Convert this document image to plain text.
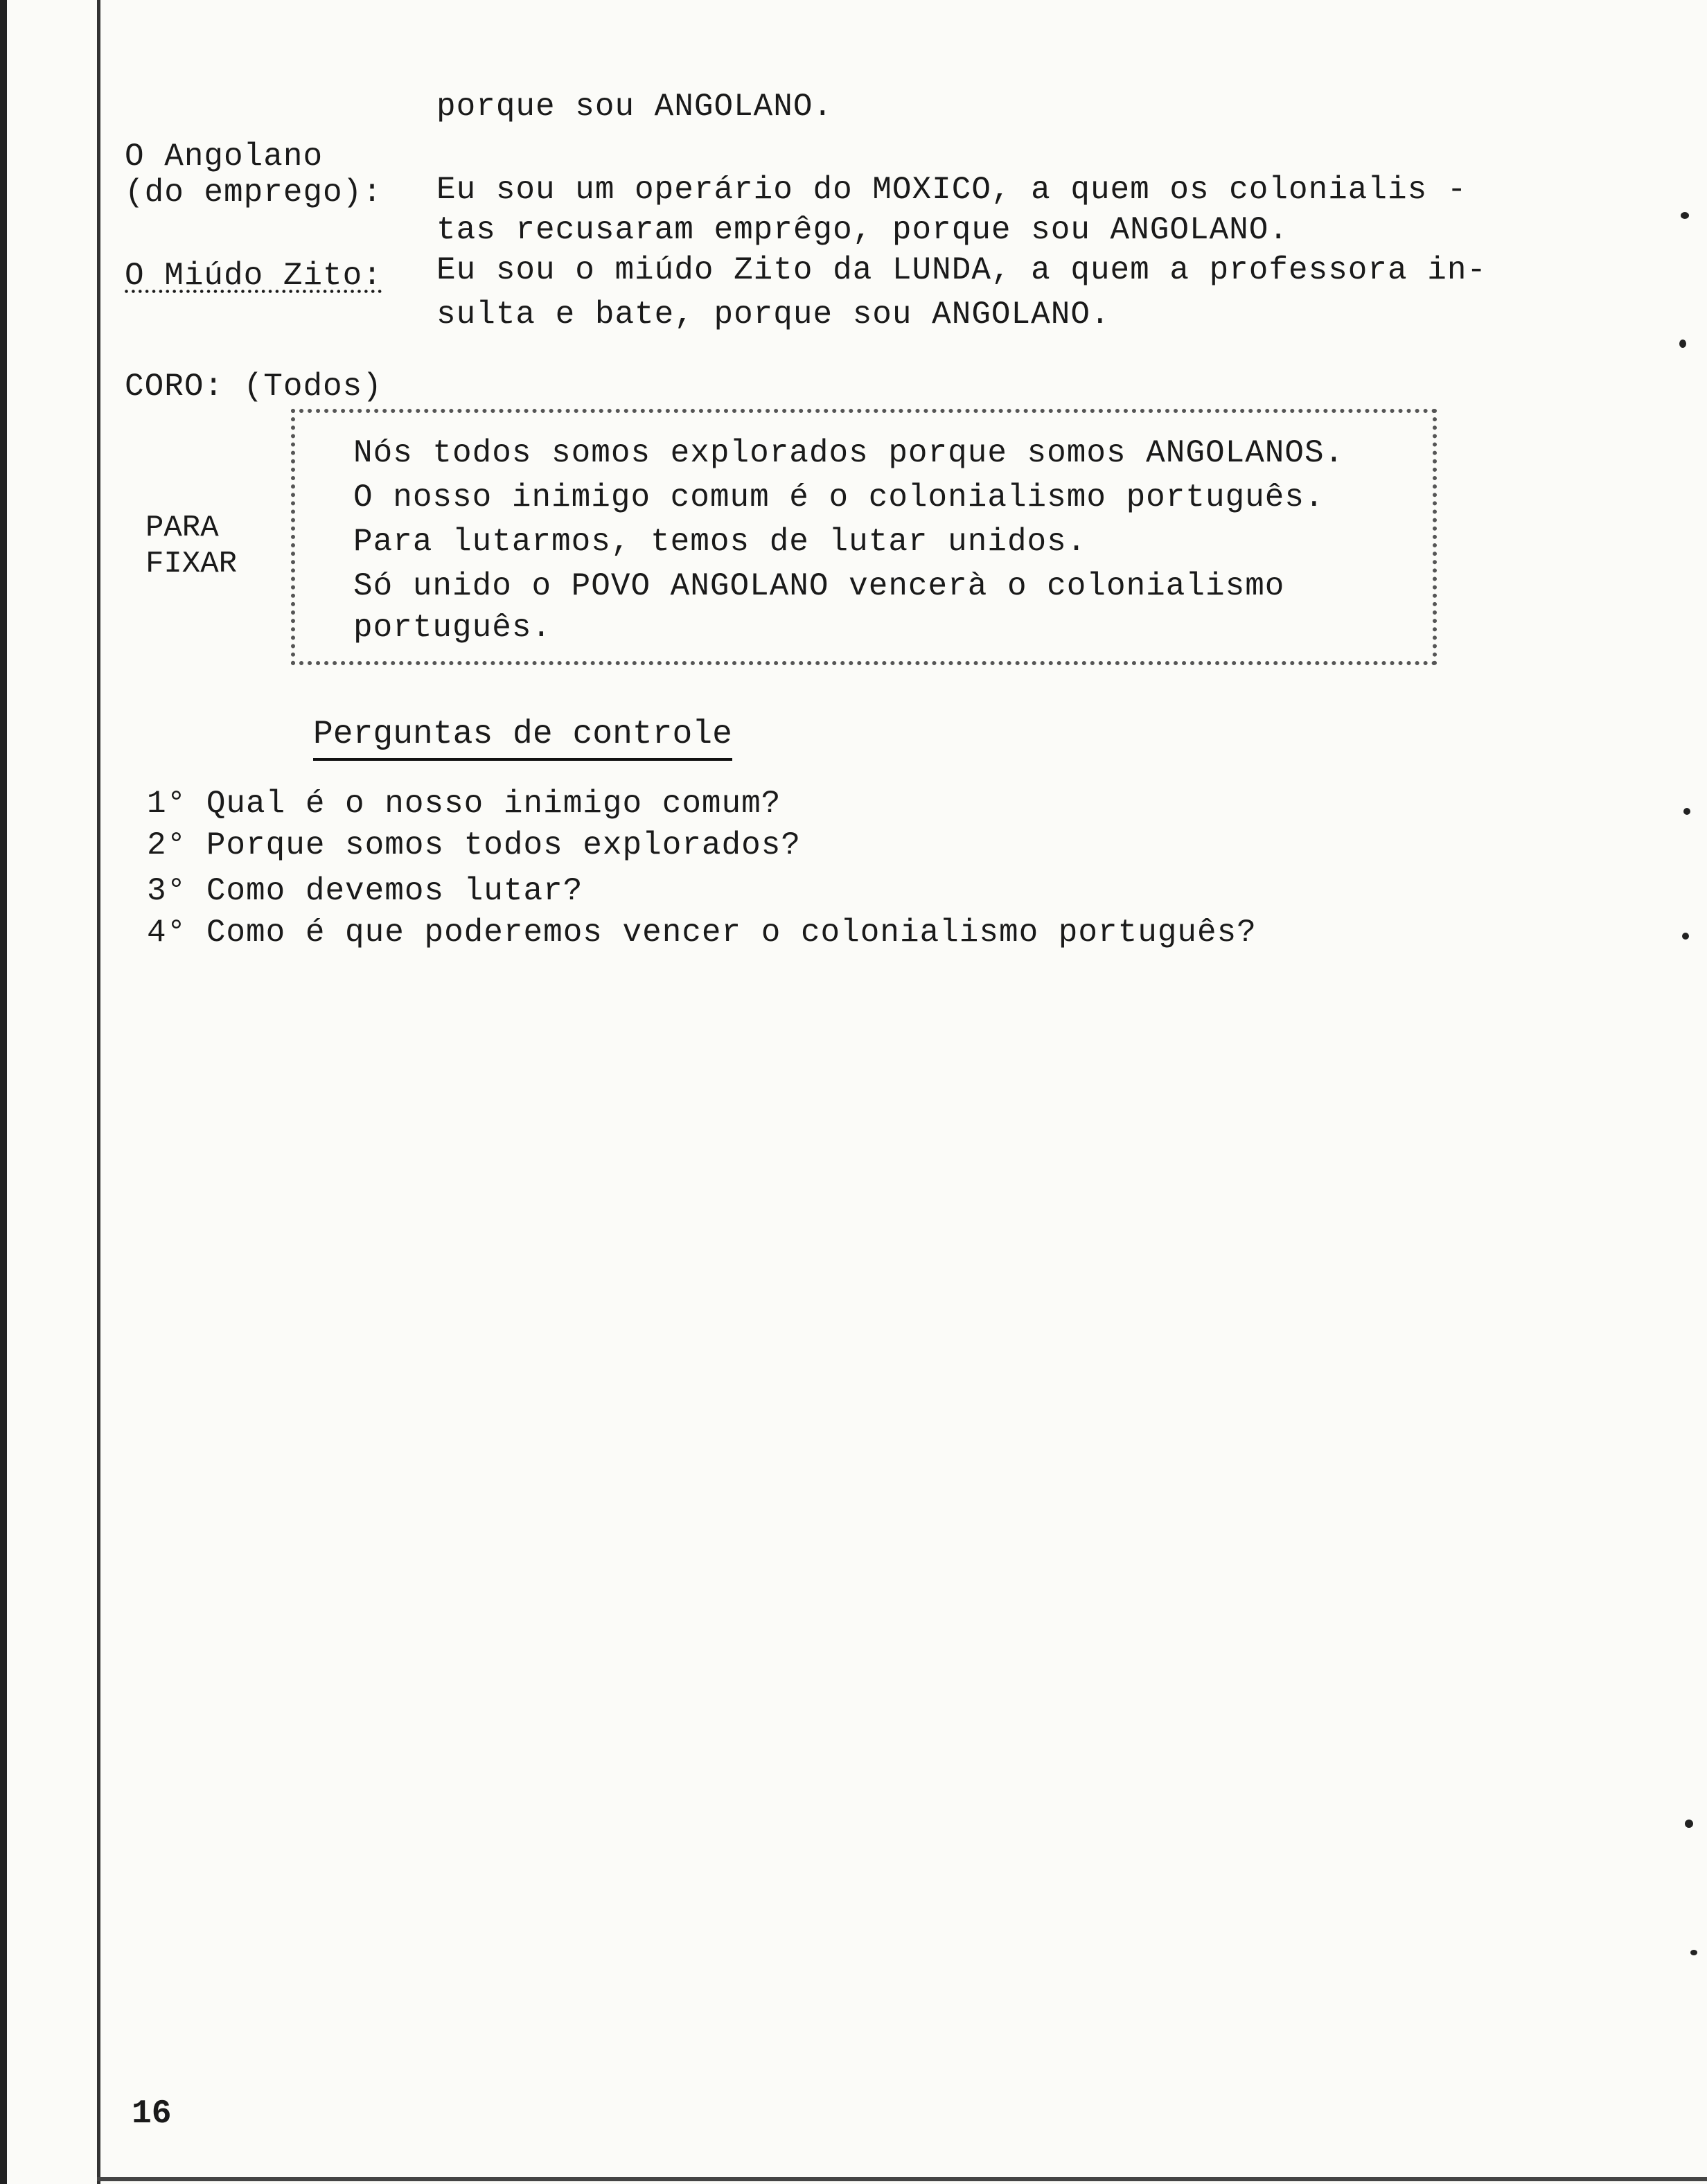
porque sou ANGOLANO.
O Angolano
(do emprego): Eu sou um operário do MOXICO, a quem os colonialis -
tas recusaram emprêgo, porque sou ANGOLANO.
O Miúdo Zito: Eu sou o miúdo Zito da LUNDA, a quem a professora in-
sulta e bate, porque sou ANGOLANO.
CORO: (Todos)
PARA
FIXAR
Nós todos somos explorados porque somos ANGOLANOS.
O nosso inimigo comum é o colonialismo português.
Para lutarmos, temos de lutar unidos.
Só unido o POVO ANGOLANO vencerà o colonialismo
português.
Perguntas de controle
1° Qual é o nosso inimigo comum?
2° Porque somos todos explorados?
3° Como devemos lutar?
4° Como é que poderemos vencer o colonialismo português?
16
